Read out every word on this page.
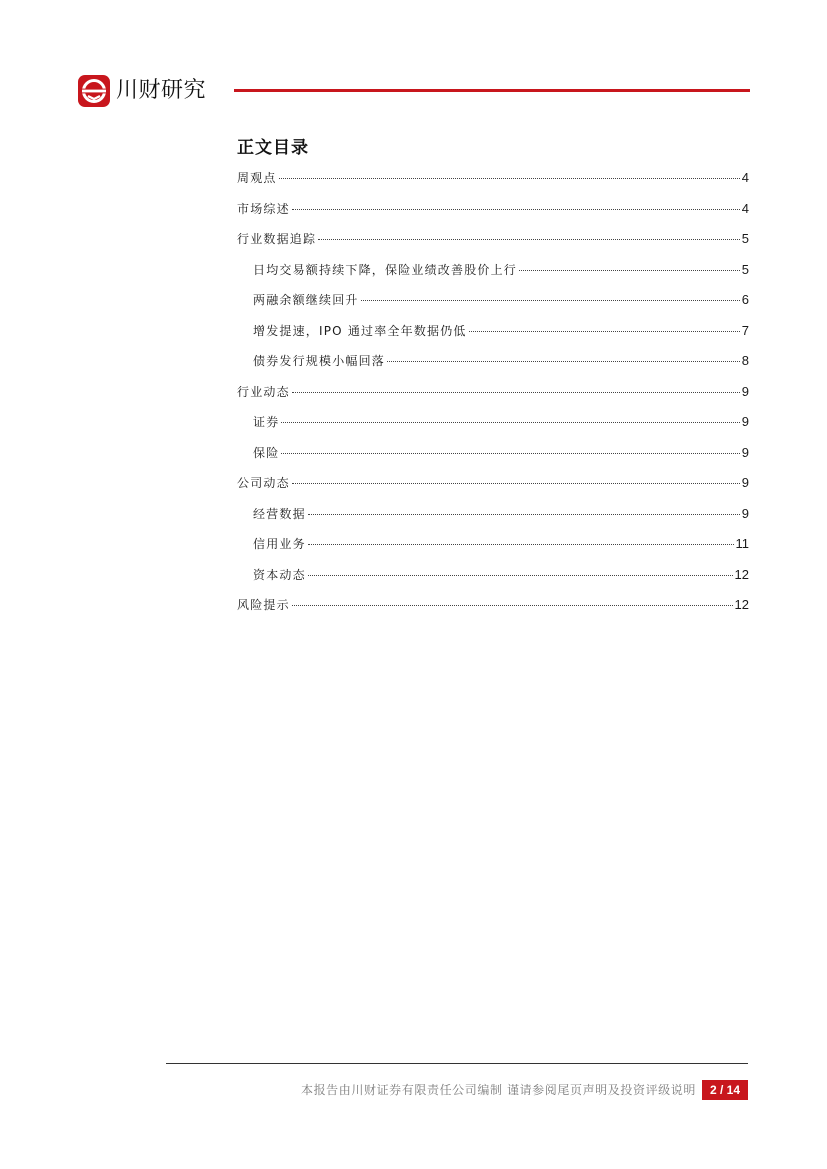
川财研究
正文目录
周观点	4
市场综述	4
行业数据追踪	5
日均交易额持续下降，保险业绩改善股价上行	5
两融余额继续回升	6
增发提速，IPO 通过率全年数据仍低	7
债券发行规模小幅回落	8
行业动态	9
证券	9
保险	9
公司动态	9
经营数据	9
信用业务	11
资本动态	12
风险提示	12
本报告由川财证券有限责任公司编制 谨请参阅尾页声明及投资评级说明	2 / 14
